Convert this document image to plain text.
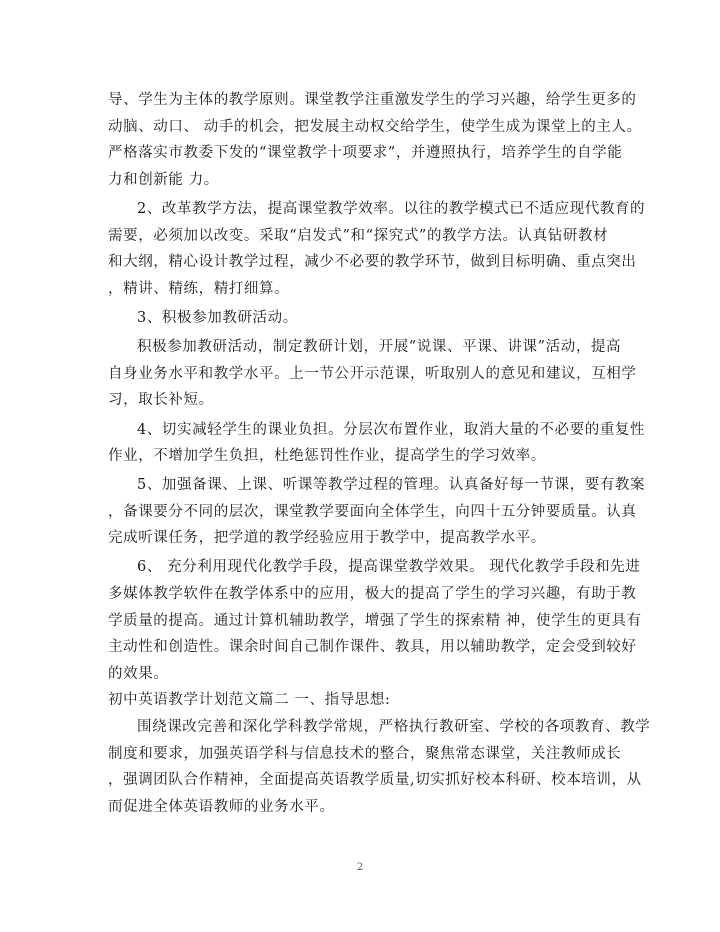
导、学生为主体的教学原则。课堂教学注重激发学生的学习兴趣，给学生更多的
动脑、动口、 动手的机会，把发展主动权交给学生，使学生成为课堂上的主人。
严格落实市教委下发的“课堂教学十项要求”，并遵照执行，培养学生的自学能
力和创新能 力。
2、改革教学方法，提高课堂教学效率。以往的教学模式已不适应现代教育的
需要，必须加以改变。采取“启发式”和“探究式”的教学方法。认真钻研教材
和大纲，精心设计教学过程，减少不必要的教学环节，做到目标明确、重点突出
，精讲、精练，精打细算。
3、积极参加教研活动。
积极参加教研活动，制定教研计划，开展“说课、平课、讲课”活动，提高
自身业务水平和教学水平。上一节公开示范课，听取别人的意见和建议，互相学
习，取长补短。
4、切实减轻学生的课业负担。分层次布置作业，取消大量的不必要的重复性
作业，不增加学生负担，杜绝惩罚性作业，提高学生的学习效率。
5、加强备课、上课、听课等教学过程的管理。认真备好每一节课，要有教案
，备课要分不同的层次，课堂教学要面向全体学生，向四十五分钟要质量。认真
完成听课任务，把学道的教学经验应用于教学中，提高教学水平。
6、 充分利用现代化教学手段，提高课堂教学效果。 现代化教学手段和先进
多媒体教学软件在教学体系中的应用，极大的提高了学生的学习兴趣，有助于教
学质量的提高。通过计算机辅助教学，增强了学生的探索精 神，使学生的更具有
主动性和创造性。课余时间自己制作课件、教具，用以辅助教学，定会受到较好
的效果。
初中英语教学计划范文篇二 一、指导思想:
围绕课改完善和深化学科教学常规，严格执行教研室、学校的各项教育、教学
制度和要求，加强英语学科与信息技术的整合，聚焦常态课堂，关注教师成长
，强调团队合作精神，全面提高英语教学质量,切实抓好校本科研、校本培训，从
而促进全体英语教师的业务水平。
2
